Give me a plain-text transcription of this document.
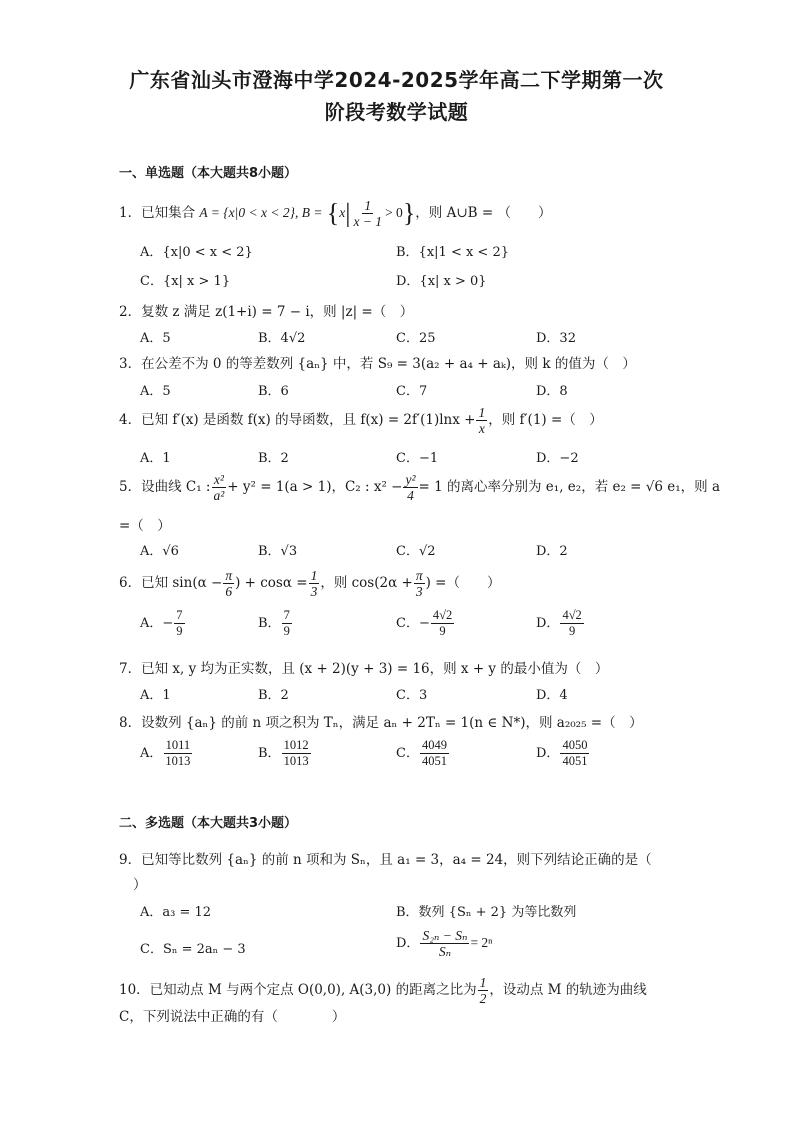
广东省汕头市澄海中学2024-2025学年高二下学期第一次
阶段考数学试题
一、单选题（本大题共8小题）
1．已知集合 A = {x|0 < x < 2}, $B = \{x| \frac{1}{x - 1} > 0\}$，则 A∪B = （　　）
A．{x|0 < x < 2}	B．{x|1 < x < 2}
C．{x| x > 1}	D．{x| x > 0}
2．复数 z 满足 z(1+i) = 7 − i，则 |z| =（　）
A．5	B．4√2	C．25	D．32
3．在公差不为 0 的等差数列 {aₙ} 中，若 S₉ = 3(a₂ + a₄ + aₖ)，则 k 的值为（　）
A．5	B．6	C．7	D．8
4．已知 f′(x) 是函数 f(x) 的导函数，且 $f(x) = 2f'(1)\ln x + \frac{1}{x}$ ，则 f′(1) =（　）
A．1	B．2	C．−1	D．−2
5．设曲线 C₁ : $\frac{\text{x²}}{\text{a²}} + y^2 = 1(a > 1)$，C₂ : $x^2 - \frac{\text{y²}}{4} = 1$ 的离心率分别为 e₁, e₂，若 e₂ = √6 e₁，则 a
=（　）
A．√6	B．√3	C．√2	D．2
6．已知 $\sin(\alpha - \frac{\pi}{6}$ ) + $\cos\alpha = \frac{1}{3}$ ，则 $\cos(2\alpha + \frac{\pi}{3}$ ) =（　　）
A．− $\frac{7}{9}$	B． $\frac{7}{9}$	C．− $\frac{4√2}{9}$	D． $\frac{4√2}{9}$
7．已知 x, y 均为正实数，且 (x + 2)(y + 3) = 16，则 x + y 的最小值为（　）
A．1	B．2	C．3	D．4
8．设数列 {aₙ} 的前 n 项之积为 Tₙ，满足 aₙ + 2Tₙ = 1(n ∈ N*)，则 a₂₀₂₅ =（　）
A． $\frac{1011}{1013}$	B． $\frac{1012}{1013}$	C． $\frac{4049}{4051}$	D． $\frac{4050}{4051}$
二、多选题（本大题共3小题）
9．已知等比数列 {aₙ} 的前 n 项和为 Sₙ，且 a₁ = 3，a₄ = 24，则下列结论正确的是（
）
A．a₃ = 12	B．数列 {Sₙ + 2} 为等比数列
C．Sₙ = 2aₙ − 3	D． $\frac{\text{S₂ₙ − Sₙ}}{\text{Sₙ}} = 2^n$
10．已知动点 M 与两个定点 O(0,0), A(3,0) 的距离之比为 $\frac{1}{2}$ ，设动点 M 的轨迹为曲线
C，下列说法中正确的有（　　　　）
